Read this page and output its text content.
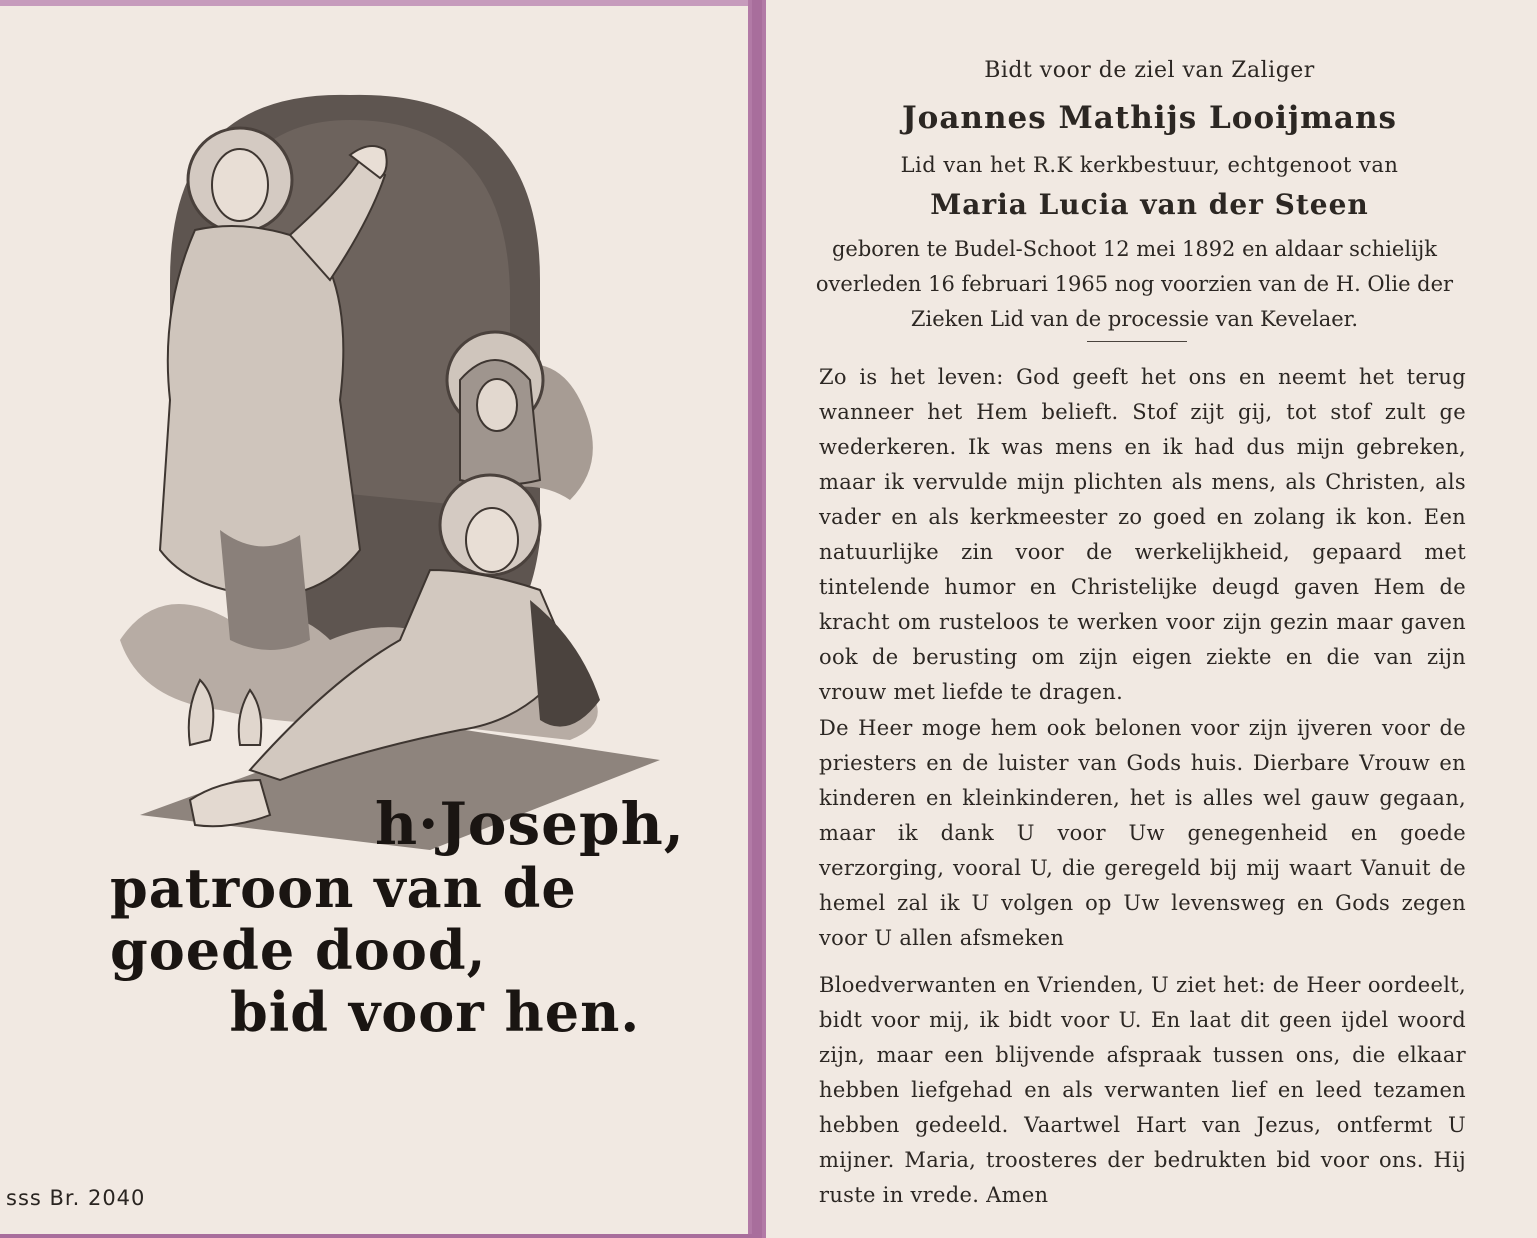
h·Joseph,
patroon van de
goede dood,
bid voor hen.
sss Br. 2040
Bidt voor de ziel van Zaliger
Joannes Mathijs Looijmans
Lid van het R.K kerkbestuur, echtgenoot van
Maria Lucia van der Steen
geboren te Budel-Schoot 12 mei 1892 en aldaar schielijk overleden 16 februari 1965 nog voorzien van de H. Olie der Zieken Lid van de processie van Kevelaer.

Zo is het leven: God geeft het ons en neemt het terug wanneer het Hem belieft. Stof zijt gij, tot stof zult ge wederkeren. Ik was mens en ik had dus mijn gebreken, maar ik vervulde mijn plichten als mens, als Christen, als vader en als kerkmeester zo goed en zolang ik kon. Een natuurlijke zin voor de werkelijkheid, gepaard met tintelende humor en Christelijke deugd gaven Hem de kracht om rusteloos te werken voor zijn gezin maar gaven ook de berusting om zijn eigen ziekte en die van zijn vrouw met liefde te dragen.

De Heer moge hem ook belonen voor zijn ijveren voor de priesters en de luister van Gods huis. Dierbare Vrouw en kinderen en kleinkinderen, het is alles wel gauw gegaan, maar ik dank U voor Uw genegenheid en goede verzorging, vooral U, die geregeld bij mij waart Vanuit de hemel zal ik U volgen op Uw levensweg en Gods zegen voor U allen afsmeken

Bloedverwanten en Vrienden, U ziet het: de Heer oordeelt, bidt voor mij, ik bidt voor U. En laat dit geen ijdel woord zijn, maar een blijvende afspraak tussen ons, die elkaar hebben liefgehad en als verwanten lief en leed tezamen hebben gedeeld. Vaartwel Hart van Jezus, ontfermt U mijner. Maria, troosteres der bedrukten bid voor ons. Hij ruste in vrede. Amen
